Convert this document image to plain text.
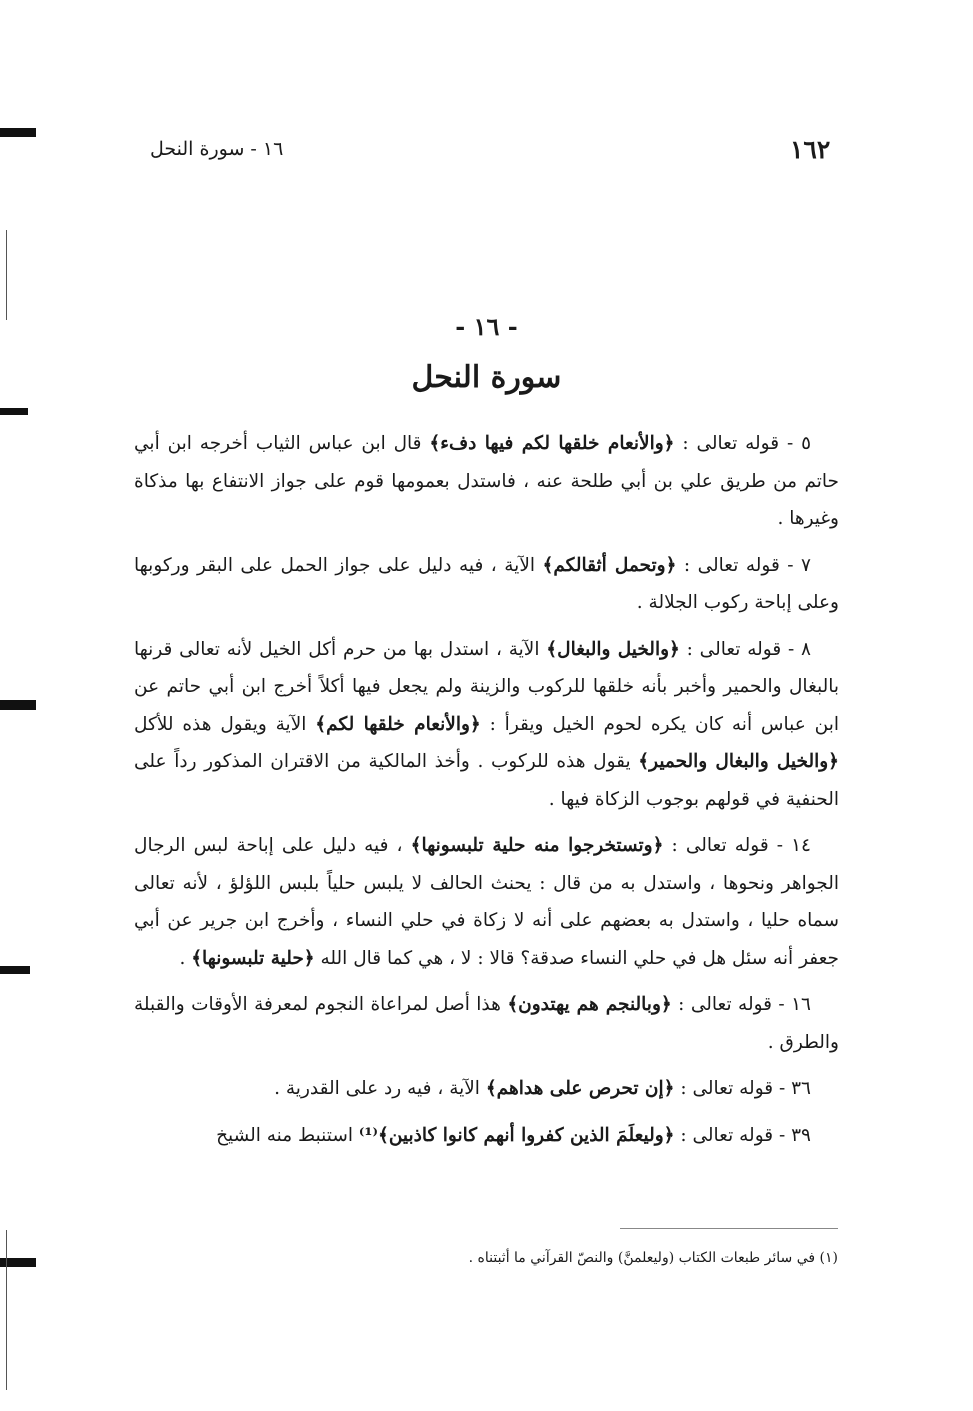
١٦٢
١٦ - سورة النحل
- ١٦ -
سورة النحل

٥ - قوله تعالى : ﴿والأنعام خلقها لكم فيها دفء﴾ قال ابن عباس الثياب أخرجه ابن أبي حاتم من طريق علي بن أبي طلحة عنه ، فاستدل بعمومها قوم على جواز الانتفاع بها مذكاة وغيرها .

٧ - قوله تعالى : ﴿وتحمل أثقالكم﴾ الآية ، فيه دليل على جواز الحمل على البقر وركوبها وعلى إباحة ركوب الجلالة .

٨ - قوله تعالى : ﴿والخيل والبغال﴾ الآية ، استدل بها من حرم أكل الخيل لأنه تعالى قرنها بالبغال والحمير وأخبر بأنه خلقها للركوب والزينة ولم يجعل فيها أكلاً أخرج ابن أبي حاتم عن ابن عباس أنه كان يكره لحوم الخيل ويقرأ : ﴿والأنعام خلقها لكم﴾ الآية ويقول هذه للأكل ﴿والخيل والبغال والحمير﴾ يقول هذه للركوب . وأخذ المالكية من الاقتران المذكور رداً على الحنفية في قولهم بوجوب الزكاة فيها .

١٤ - قوله تعالى : ﴿وتستخرجوا منه حلية تلبسونها﴾ ، فيه دليل على إباحة لبس الرجال الجواهر ونحوها ، واستدل به من قال : يحنث الحالف لا يلبس حلياً بلبس اللؤلؤ ، لأنه تعالى سماه حليا ، واستدل به بعضهم على أنه لا زكاة في حلي النساء ، وأخرج ابن جرير عن أبي جعفر أنه سئل هل في حلي النساء صدقة؟ قالا : لا ، هي كما قال الله ﴿حلية تلبسونها﴾ .

١٦ - قوله تعالى : ﴿وبالنجم هم يهتدون﴾ هذا أصل لمراعاة النجوم لمعرفة الأوقات والقبلة والطرق .

٣٦ - قوله تعالى : ﴿إن تحرص على هداهم﴾ الآية ، فيه رد على القدرية .

٣٩ - قوله تعالى : ﴿وليعلَمَ الذين كفروا أنهم كانوا كاذبين﴾⁽¹⁾ استنبط منه الشيخ

(١) في سائر طبعات الكتاب (وليعلمنَّ) والنصّ القرآني ما أثبتناه .
